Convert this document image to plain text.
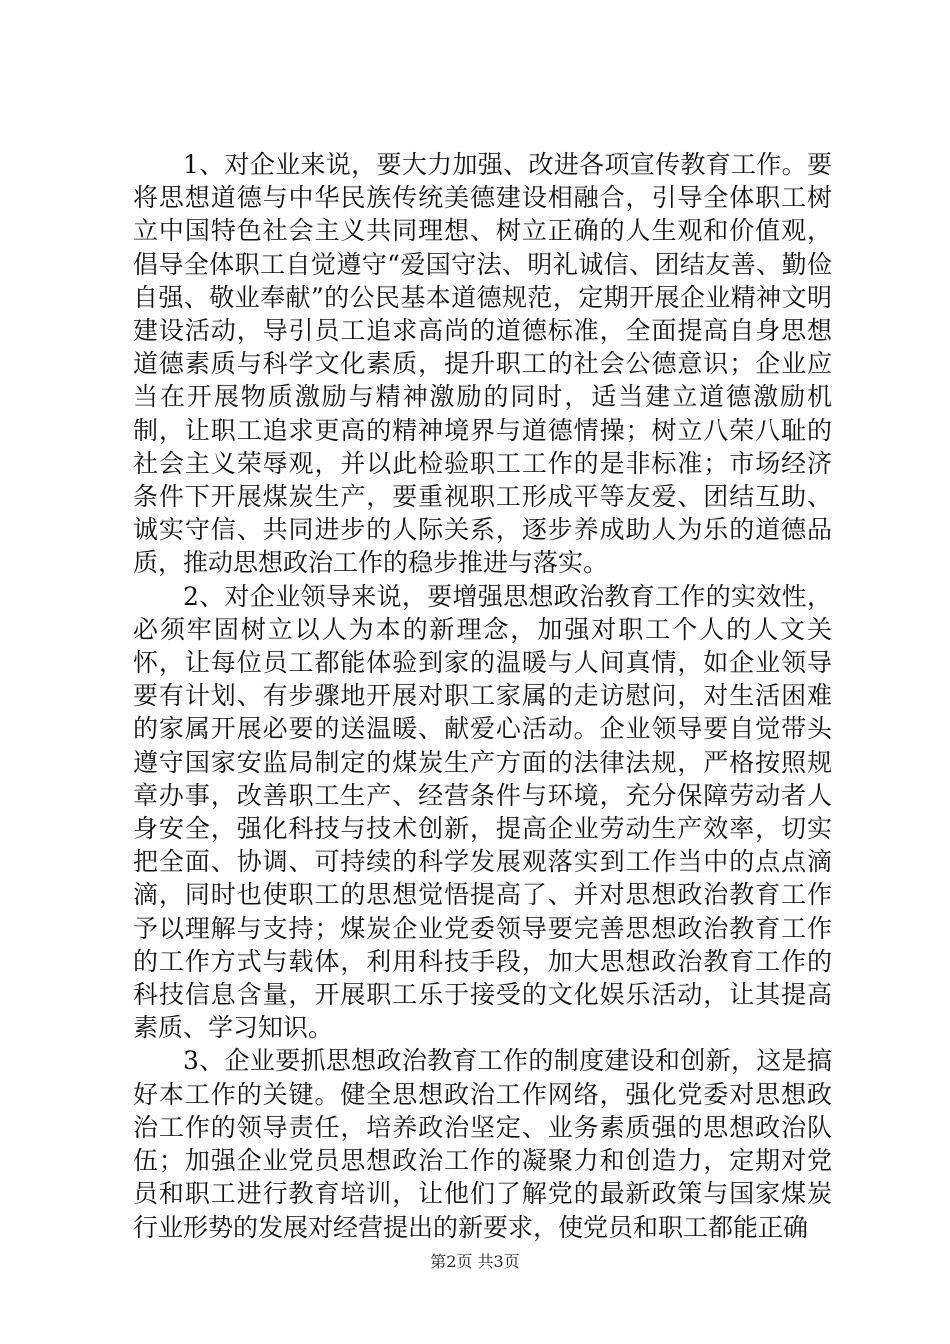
1、对企业来说，要大力加强、改进各项宣传教育工作。要将思想道德与中华民族传统美德建设相融合，引导全体职工树立中国特色社会主义共同理想、树立正确的人生观和价值观，倡导全体职工自觉遵守“爱国守法、明礼诚信、团结友善、勤俭自强、敬业奉献”的公民基本道德规范，定期开展企业精神文明建设活动，导引员工追求高尚的道德标准，全面提高自身思想道德素质与科学文化素质，提升职工的社会公德意识；企业应当在开展物质激励与精神激励的同时，适当建立道德激励机制，让职工追求更高的精神境界与道德情操；树立八荣八耻的社会主义荣辱观，并以此检验职工工作的是非标准；市场经济条件下开展煤炭生产，要重视职工形成平等友爱、团结互助、诚实守信、共同进步的人际关系，逐步养成助人为乐的道德品质，推动思想政治工作的稳步推进与落实。

2、对企业领导来说，要增强思想政治教育工作的实效性，必须牢固树立以人为本的新理念，加强对职工个人的人文关怀，让每位员工都能体验到家的温暖与人间真情，如企业领导要有计划、有步骤地开展对职工家属的走访慰问，对生活困难的家属开展必要的送温暖、献爱心活动。企业领导要自觉带头遵守国家安监局制定的煤炭生产方面的法律法规，严格按照规章办事，改善职工生产、经营条件与环境，充分保障劳动者人身安全，强化科技与技术创新，提高企业劳动生产效率，切实把全面、协调、可持续的科学发展观落实到工作当中的点点滴滴，同时也使职工的思想觉悟提高了、并对思想政治教育工作予以理解与支持；煤炭企业党委领导要完善思想政治教育工作的工作方式与载体，利用科技手段，加大思想政治教育工作的科技信息含量，开展职工乐于接受的文化娱乐活动，让其提高素质、学习知识。

3、企业要抓思想政治教育工作的制度建设和创新，这是搞好本工作的关键。健全思想政治工作网络，强化党委对思想政治工作的领导责任，培养政治坚定、业务素质强的思想政治队伍；加强企业党员思想政治工作的凝聚力和创造力，定期对党员和职工进行教育培训，让他们了解党的最新政策与国家煤炭行业形势的发展对经营提出的新要求，使党员和职工都能正确

第2页 共3页
